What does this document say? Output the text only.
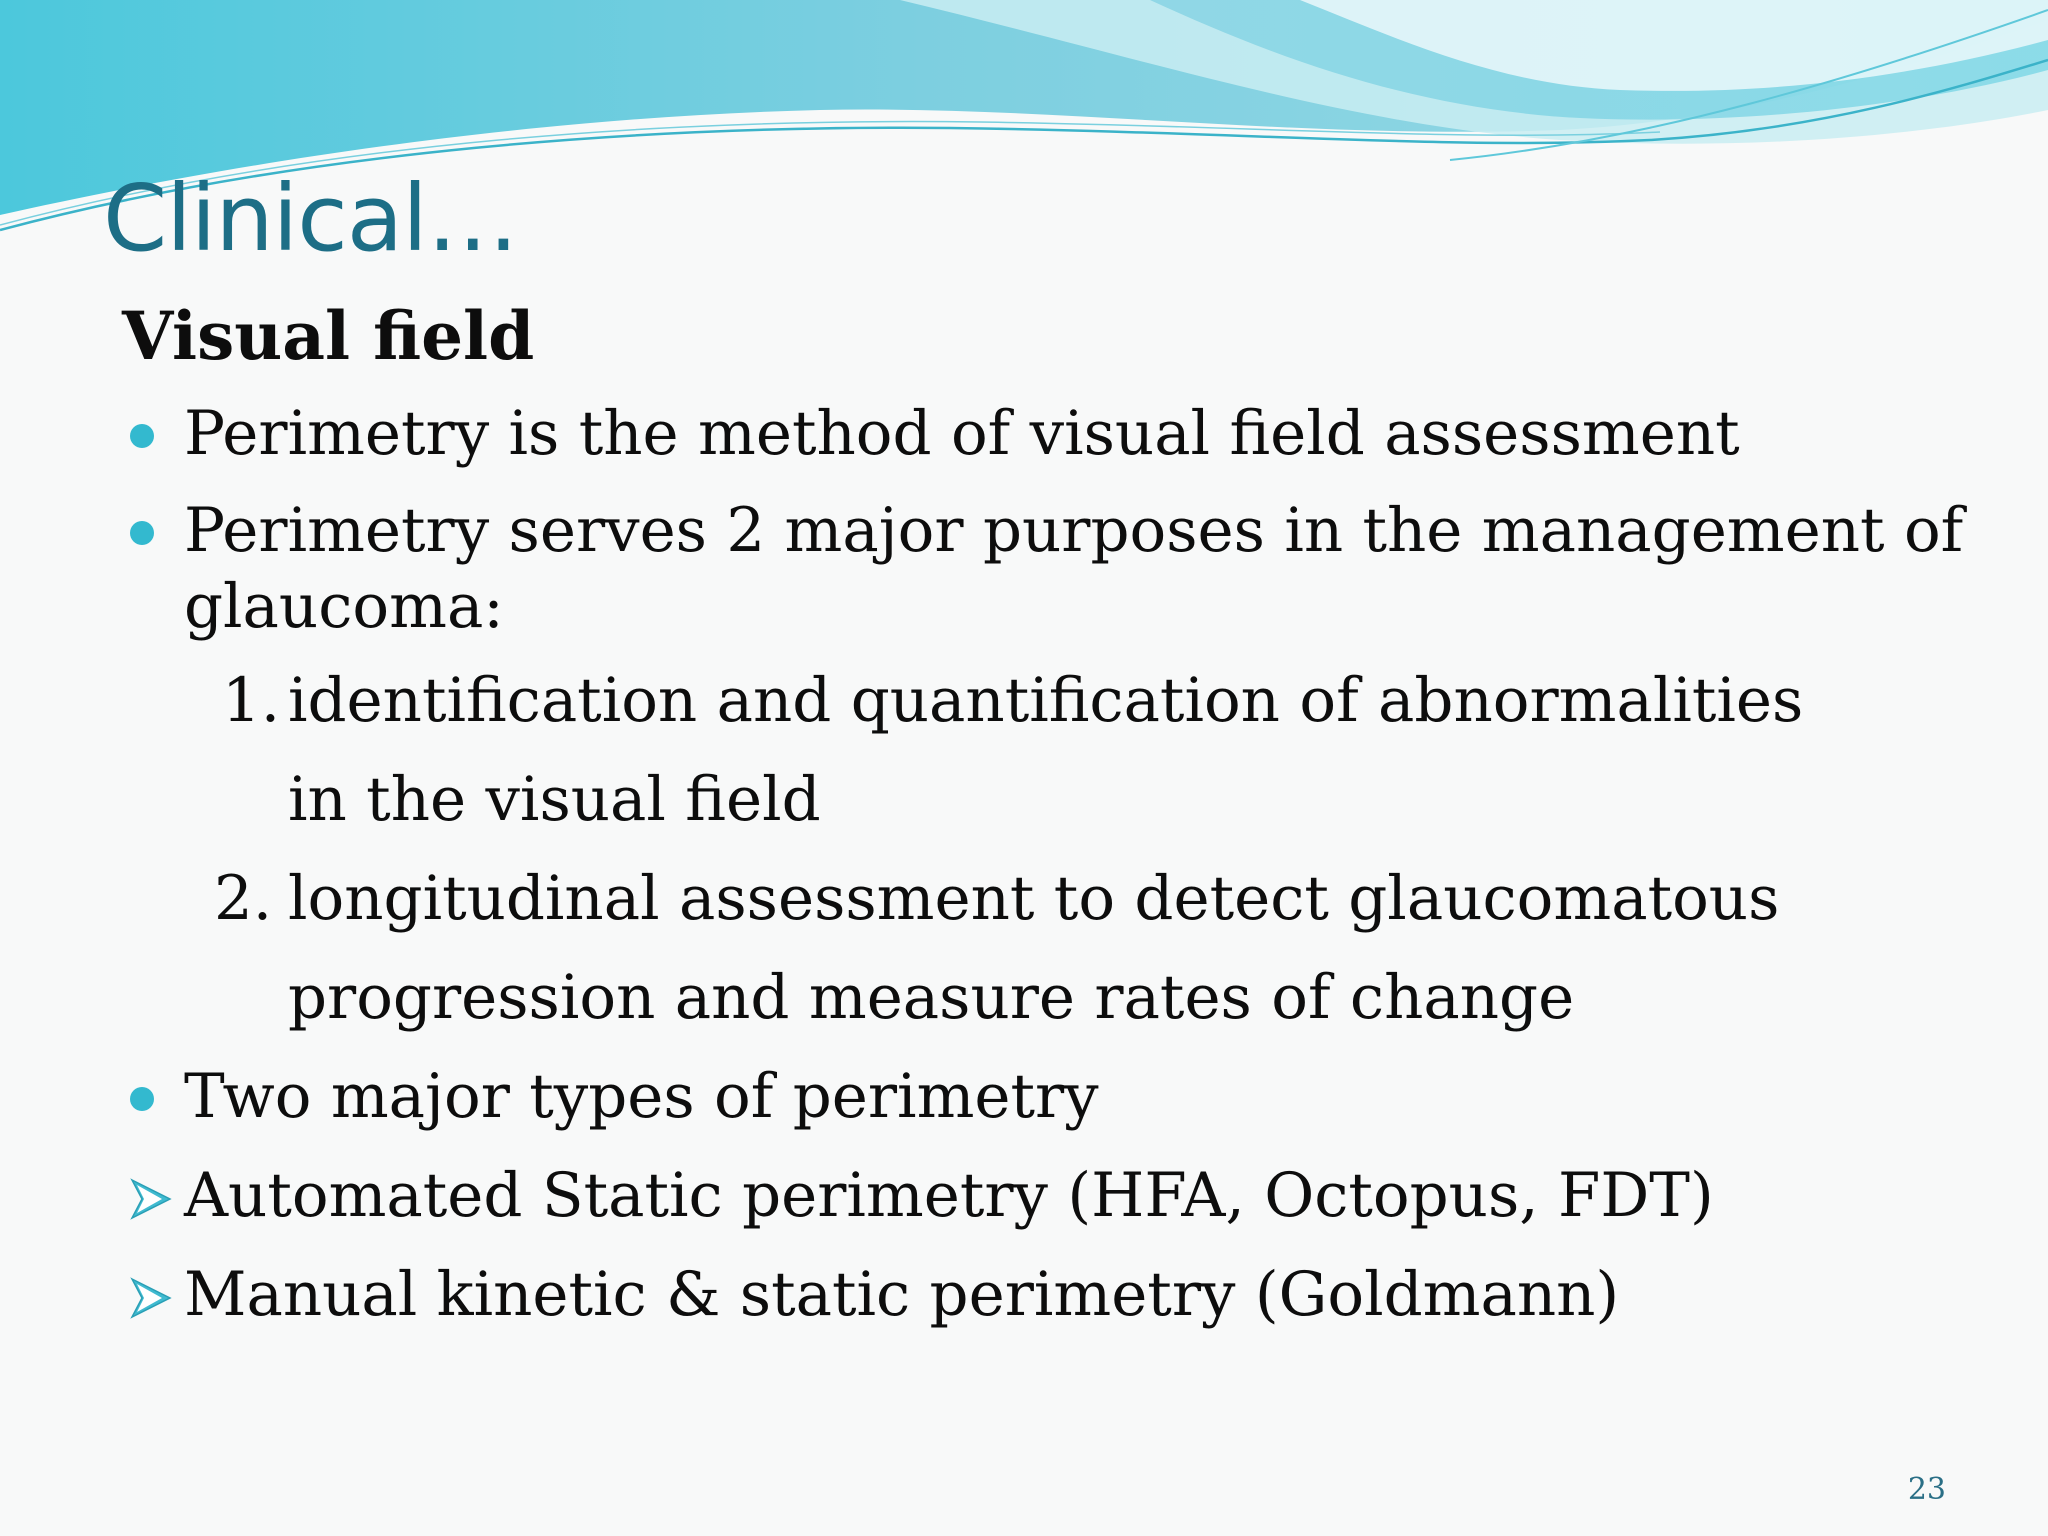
Clinical…
Visual field
Perimetry is the method of visual field assessment
Perimetry serves 2 major purposes in the management of glaucoma:
1. identification and quantification of abnormalities
in the visual field
2. longitudinal assessment to detect glaucomatous
progression and measure rates of change
Two major types of perimetry
Automated Static perimetry (HFA, Octopus, FDT)
Manual kinetic & static perimetry (Goldmann)
23
